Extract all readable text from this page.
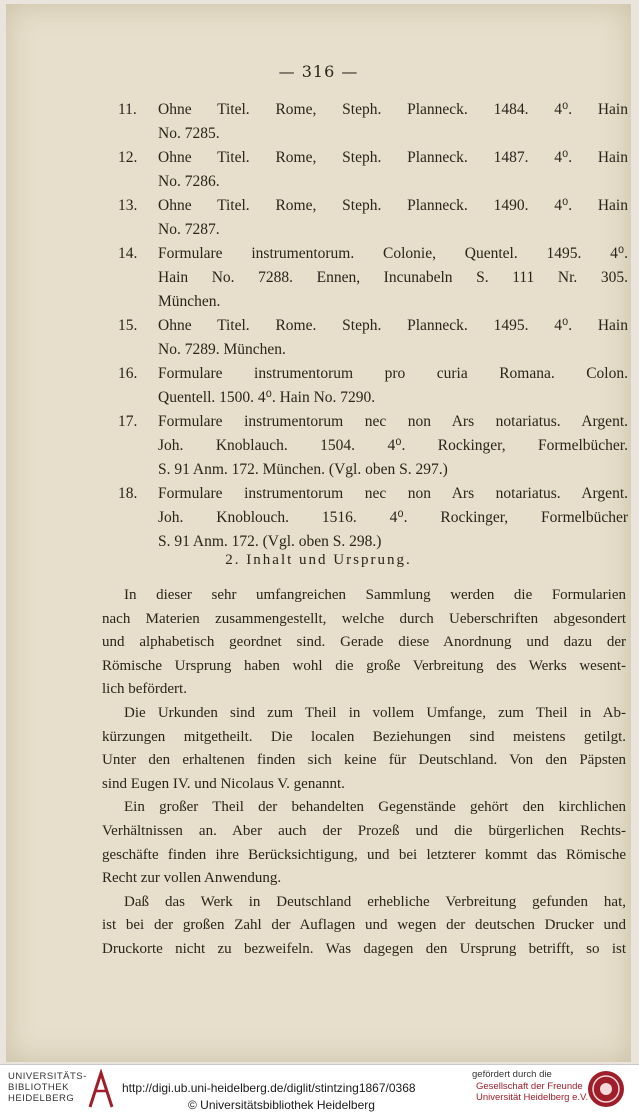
— 316 —
11.	Ohne Titel. Rome, Steph. Planneck. 1484. 4⁰. Hain
No. 7285.
12.	Ohne Titel. Rome, Steph. Planneck. 1487. 4⁰. Hain
No. 7286.
13.	Ohne Titel. Rome, Steph. Planneck. 1490. 4⁰. Hain
No. 7287.
14.	Formulare instrumentorum. Colonie, Quentel. 1495. 4⁰.
Hain No. 7288. Ennen, Incunabeln S. 111 Nr. 305.
München.
15.	Ohne Titel. Rome. Steph. Planneck. 1495. 4⁰. Hain
No. 7289. München.
16.	Formulare instrumentorum pro curia Romana. Colon.
Quentell. 1500. 4⁰. Hain No. 7290.
17.	Formulare instrumentorum nec non Ars notariatus. Argent.
Joh. Knoblauch. 1504. 4⁰. Rockinger, Formelbücher.
S. 91 Anm. 172. München. (Vgl. oben S. 297.)
18.	Formulare instrumentorum nec non Ars notariatus. Argent.
Joh. Knoblouch. 1516. 4⁰. Rockinger, Formelbücher
S. 91 Anm. 172. (Vgl. oben S. 298.)
2. Inhalt und Ursprung.

In dieser sehr umfangreichen Sammlung werden die Formularien
nach Materien zusammengestellt, welche durch Ueberschriften abgesondert
und alphabetisch geordnet sind. Gerade diese Anordnung und dazu der
Römische Ursprung haben wohl die große Verbreitung des Werks wesent-
lich befördert.

Die Urkunden sind zum Theil in vollem Umfange, zum Theil in Ab-
kürzungen mitgetheilt. Die localen Beziehungen sind meistens getilgt.
Unter den erhaltenen finden sich keine für Deutschland. Von den Päpsten
sind Eugen IV. und Nicolaus V. genannt.

Ein großer Theil der behandelten Gegenstände gehört den kirchlichen
Verhältnissen an. Aber auch der Prozeß und die bürgerlichen Rechts-
geschäfte finden ihre Berücksichtigung, und bei letzterer kommt das Römische
Recht zur vollen Anwendung.

Daß das Werk in Deutschland erhebliche Verbreitung gefunden hat,
ist bei der großen Zahl der Auflagen und wegen der deutschen Drucker und
Druckorte nicht zu bezweifeln. Was dagegen den Ursprung betrifft, so ist

UNIVERSITÄTS-
BIBLIOTHEK
HEIDELBERG
http://digi.ub.uni-heidelberg.de/diglit/stintzing1867/0368
© Universitätsbibliothek Heidelberg
gefördert durch die
Gesellschaft der Freunde
Universität Heidelberg e.V.
